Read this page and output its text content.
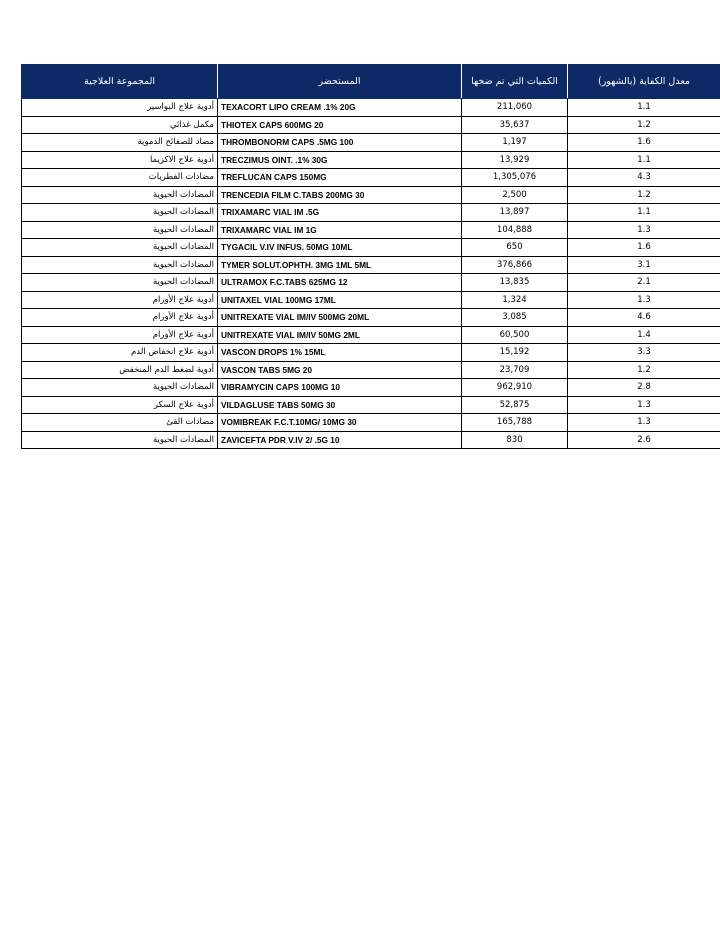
معدل الكفاية (بالشهور)	الكميات التي تم ضخها	المستحضر	المجموعة العلاجية
1.1	211,060	TEXACORT LIPO CREAM .1% 20G	أدوية علاج البواسير
1.2	35,637	THIOTEX CAPS 600MG 20	مكمل غذائي
1.6	1,197	THROMBONORM CAPS .5MG 100	مضاد للصفائح الدموية
1.1	13,929	TRECZIMUS OINT. .1% 30G	أدوية علاج الاكزيما
4.3	1,305,076	TREFLUCAN CAPS 150MG	مضادات الفطريات
1.2	2,500	TRENCEDIA FILM C.TABS 200MG 30	المضادات الحيوية
1.1	13,897	TRIXAMARC VIAL IM .5G	المضادات الحيوية
1.3	104,888	TRIXAMARC VIAL IM 1G	المضادات الحيوية
1.6	650	TYGACIL V.IV INFUS. 50MG 10ML	المضادات الحيوية
3.1	376,866	TYMER SOLUT.OPHTH. 3MG 1ML 5ML	المضادات الحيوية
2.1	13,835	ULTRAMOX F.C.TABS 625MG 12	المضادات الحيوية
1.3	1,324	UNITAXEL VIAL 100MG 17ML	أدوية علاج الأورام
4.6	3,085	UNITREXATE VIAL IM/IV 500MG 20ML	أدوية علاج الأورام
1.4	60,500	UNITREXATE VIAL IM/IV 50MG 2ML	أدوية علاج الأورام
3.3	15,192	VASCON DROPS 1% 15ML	أدوية علاج انخفاض الدم
1.2	23,709	VASCON TABS 5MG 20	أدوية لضغط الدم المنخفض
2.8	962,910	VIBRAMYCIN CAPS 100MG 10	المضادات الحيوية
1.3	52,875	VILDAGLUSE TABS 50MG 30	أدوية علاج السكر
1.3	165,788	VOMIBREAK F.C.T.10MG/ 10MG 30	مضادات القئ
2.6	830	ZAVICEFTA PDR V.IV 2/ .5G 10	المضادات الحيوية
